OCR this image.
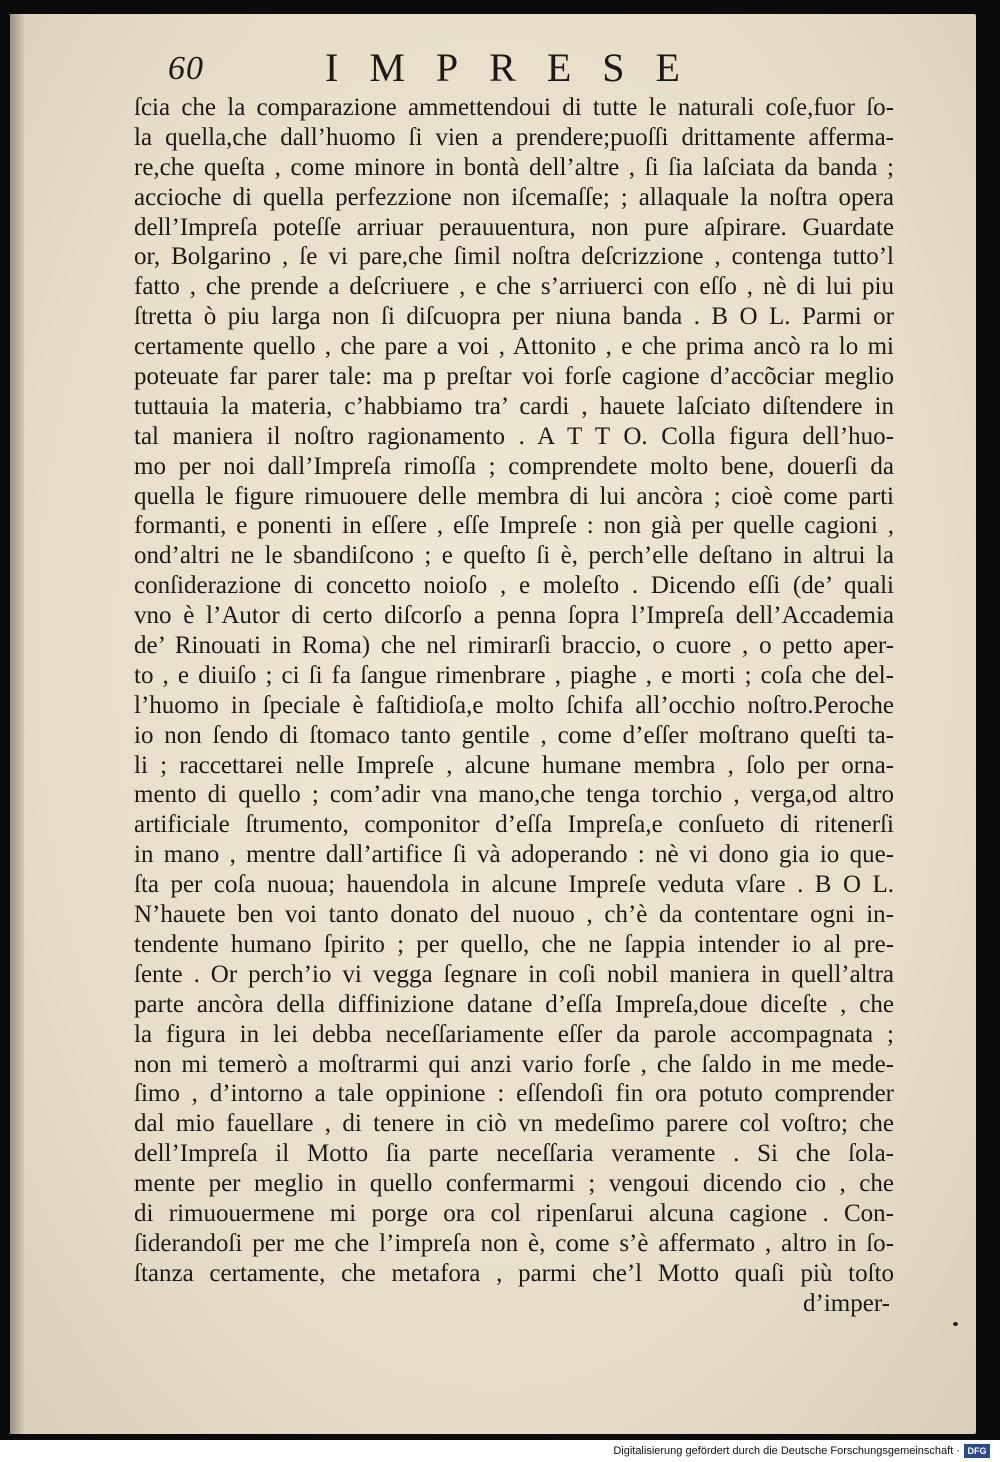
60	IMPRESE
ſcia che la comparazione ammettendoui di tutte le naturali coſe,fuor ſo-
la quella,che dall’huomo ſi vien a prendere;puoſſi drittamente afferma-
re,che queſta , come minore in bontà dell’altre , ſi ſia laſciata da banda ;
accioche di quella perfezzione non iſcemaſſe; ; allaquale la noſtra opera
dell’Impreſa poteſſe arriuar perauuentura, non pure aſpirare. Guardate
or, Bolgarino , ſe vi pare,che ſimil noſtra deſcrizzione , contenga tutto’l
fatto , che prende a deſcriuere , e che s’arriuerci con eſſo , nè di lui piu
ſtretta ò piu larga non ſi diſcuopra per niuna banda . B O L. Parmi or
certamente quello , che pare a voi , Attonito , e che prima ancò ra lo mi
poteuate far parer tale: ma p preſtar voi forſe cagione d’accõciar meglio
tuttauia la materia, c’habbiamo tra’ cardi , hauete laſciato diſtendere in
tal maniera il noſtro ragionamento . A T T O. Colla figura dell’huo-
mo per noi dall’Impreſa rimoſſa ; comprendete molto bene, douerſi da
quella le figure rimuouere delle membra di lui ancòra ; cioè come parti
formanti, e ponenti in eſſere , eſſe Impreſe : non già per quelle cagioni ,
ond’altri ne le sbandiſcono ; e queſto ſi è, perch’elle deſtano in altrui la
conſiderazione di concetto noioſo , e moleſto . Dicendo eſſi (de’ quali
vno è l’Autor di certo diſcorſo a penna ſopra l’Impreſa dell’Accademia
de’ Rinouati in Roma) che nel rimirarſi braccio, o cuore , o petto aper-
to , e diuiſo ; ci ſi fa ſangue rimenbrare , piaghe , e morti ; coſa che del-
l’huomo in ſpeciale è faſtidioſa,e molto ſchifa all’occhio noſtro.Peroche
io non ſendo di ſtomaco tanto gentile , come d’eſſer moſtrano queſti ta-
li ; raccettarei nelle Impreſe , alcune humane membra , ſolo per orna-
mento di quello ; com’adir vna mano,che tenga torchio , verga,od altro
artificiale ſtrumento, componitor d’eſſa Impreſa,e conſueto di ritenerſi
in mano , mentre dall’artifice ſi và adoperando : nè vi dono gia io que-
ſta per coſa nuoua; hauendola in alcune Impreſe veduta vſare . B O L.
N’hauete ben voi tanto donato del nuouo , ch’è da contentare ogni in-
tendente humano ſpirito ; per quello, che ne ſappia intender io al pre-
ſente . Or perch’io vi vegga ſegnare in coſi nobil maniera in quell’altra
parte ancòra della diffinizione datane d’eſſa Impreſa,doue diceſte , che
la figura in lei debba neceſſariamente eſſer da parole accompagnata ;
non mi temerò a moſtrarmi qui anzi vario forſe , che ſaldo in me mede-
ſimo , d’intorno a tale oppinione : eſſendoſi fin ora potuto comprender
dal mio fauellare , di tenere in ciò vn medeſimo parere col voſtro; che
dell’Impreſa il Motto ſia parte neceſſaria veramente . Si che ſola-
mente per meglio in quello confermarmi ; vengoui dicendo cio , che
di rimuouermene mi porge ora col ripenſarui alcuna cagione . Con-
ſiderandoſi per me che l’impreſa non è, come s’è affermato , altro in ſo-
ſtanza certamente, che metafora , parmi che’l Motto quaſi più toſto
d’imper-
Digitalisierung gefördert durch die Deutsche Forschungsgemeinschaft · DFG
